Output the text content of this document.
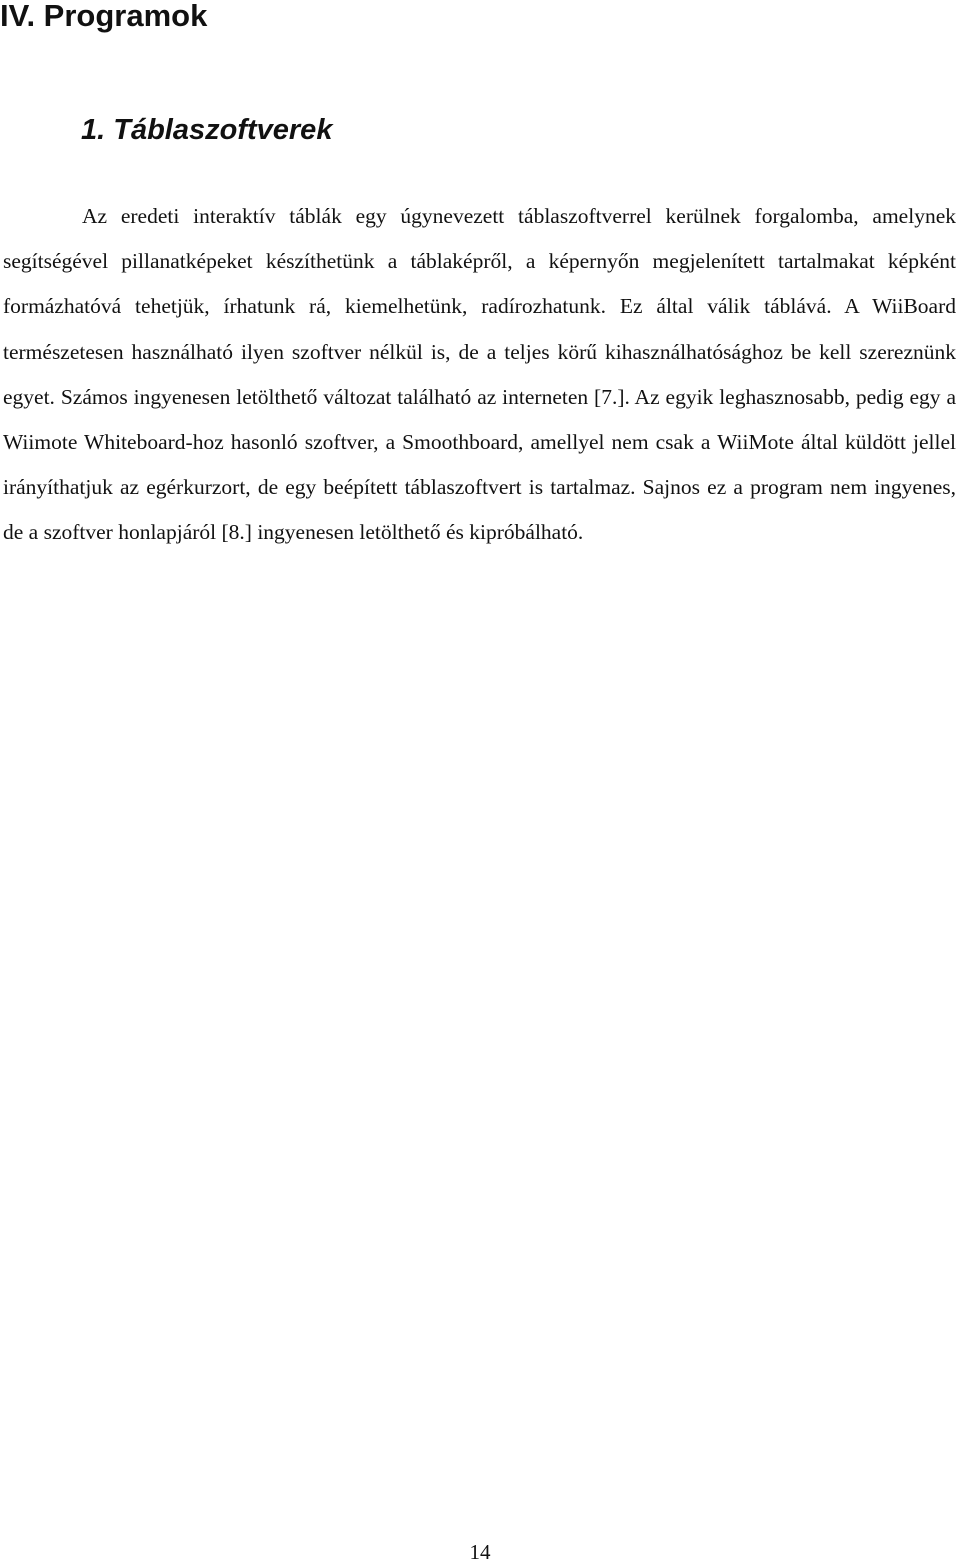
IV. Programok
1. Táblaszoftverek

Az eredeti interaktív táblák egy úgynevezett táblaszoftverrel kerülnek forgalomba, amelynek segítségével pillanatképeket készíthetünk a táblaképről, a képernyőn megjelenített tartalmakat képként formázhatóvá tehetjük, írhatunk rá, kiemelhetünk, radírozhatunk. Ez által válik táblává. A WiiBoard természetesen használható ilyen szoftver nélkül is, de a teljes körű kihasználhatósághoz be kell szereznünk egyet. Számos ingyenesen letölthető változat található az interneten [7.]. Az egyik leghasznosabb, pedig egy a Wiimote Whiteboard-hoz hasonló szoftver, a Smoothboard, amellyel nem csak a WiiMote által küldött jellel irányíthatjuk az egérkurzort, de egy beépített táblaszoftvert is tartalmaz. Sajnos ez a program nem ingyenes, de a szoftver honlapjáról [8.] ingyenesen letölthető és kipróbálható.

14
